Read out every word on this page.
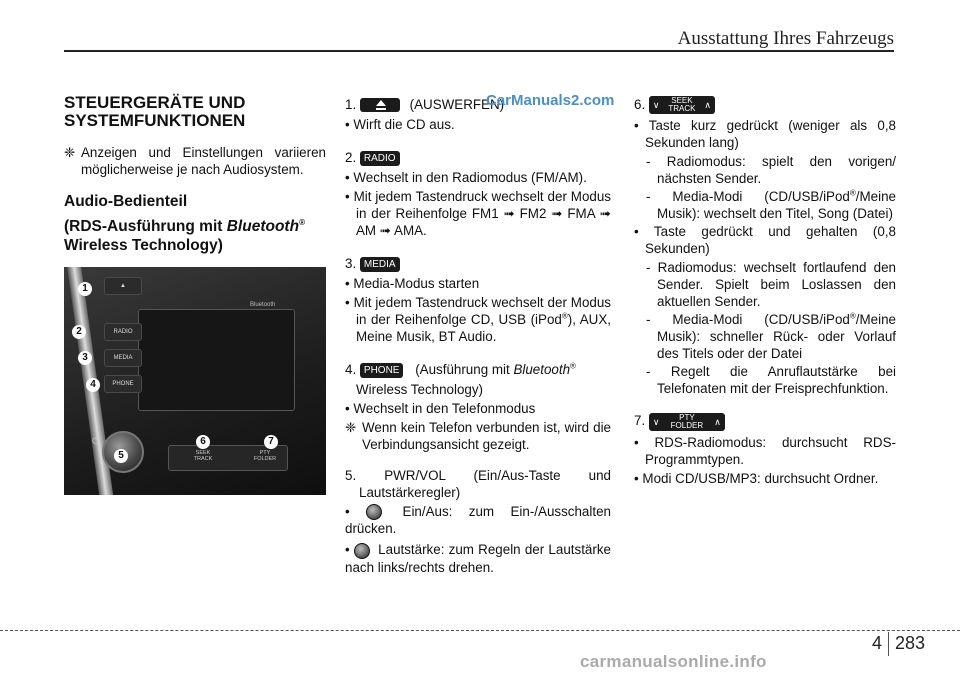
Ausstattung Ihres Fahrzeugs
STEUERGERÄTE UND
SYSTEMFUNKTIONEN
❈ Anzeigen und Einstellungen variieren möglicherweise je nach Audiosystem.
Audio-Bedienteil
(RDS-Ausführung mit Bluetooth®
Wireless Technology)
Bluetooth
▲
RADIO
MEDIA
PHONE
⏻
SEEK
TRACK
PTY
FOLDER
1
2
3
4
5
6	7
1.	(AUSWERFEN)
• Wirft die CD aus.
2. RADIO
• Wechselt in den Radiomodus (FM/AM).
• Mit jedem Tastendruck wechselt der Modus in der Reihenfolge FM1 ➟ FM2 ➟ FMA ➟ AM ➟ AMA.
3. MEDIA
• Media-Modus starten
• Mit jedem Tastendruck wechselt der Modus in der Reihenfolge CD, USB (iPod®), AUX, Meine Musik, BT Audio.
4. PHONE (Ausführung mit Bluetooth®
Wireless Technology)
• Wechselt in den Telefonmodus
❈ Wenn kein Telefon verbunden ist, wird die Verbindungsansicht gezeigt.
5. PWR/VOL (Ein/Aus-Taste und Lautstärkeregler)
•	Ein/Aus: zum Ein-/Ausschalten drücken.
• Lautstärke: zum Regeln der Lautstärke nach links/rechts drehen.
6. ∨	SEEK
TRACK ∧
• Taste kurz gedrückt (weniger als 0,8 Sekunden lang)
- Radiomodus: spielt den vorigen/ nächsten Sender.
- Media-Modi (CD/USB/iPod®/Meine Musik): wechselt den Titel, Song (Datei)
• Taste gedrückt und gehalten (0,8 Sekunden)
- Radiomodus: wechselt fortlaufend den Sender. Spielt beim Loslassen den aktuellen Sender.
- Media-Modi (CD/USB/iPod®/Meine Musik): schneller Rück- oder Vorlauf des Titels oder der Datei
- Regelt die Anruflautstärke bei Telefonaten mit der Freisprechfunktion.
7. ∨	PTY
FOLDER ∧
• RDS-Radiomodus: durchsucht RDS-Programmtypen.
• Modi CD/USB/MP3: durchsucht Ordner.
CarManuals2.com
4 283
carmanualsonline.info
